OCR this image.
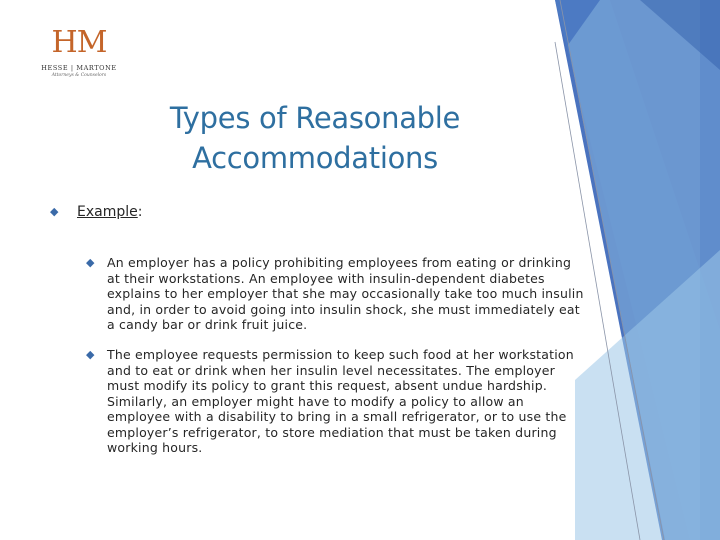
HM
HESSE | MARTONE
Attorneys & Counselors
Types of Reasonable Accommodations
◆ Example:
◆ An employer has a policy prohibiting employees from eating or drinking at their workstations. An employee with insulin-dependent diabetes explains to her employer that she may occasionally take too much insulin and, in order to avoid going into insulin shock, she must immediately eat a candy bar or drink fruit juice.
◆ The employee requests permission to keep such food at her workstation and to eat or drink when her insulin level necessitates. The employer must modify its policy to grant this request, absent undue hardship. Similarly, an employer might have to modify a policy to allow an employee with a disability to bring in a small refrigerator, or to use the employer’s refrigerator, to store mediation that must be taken during working hours.
